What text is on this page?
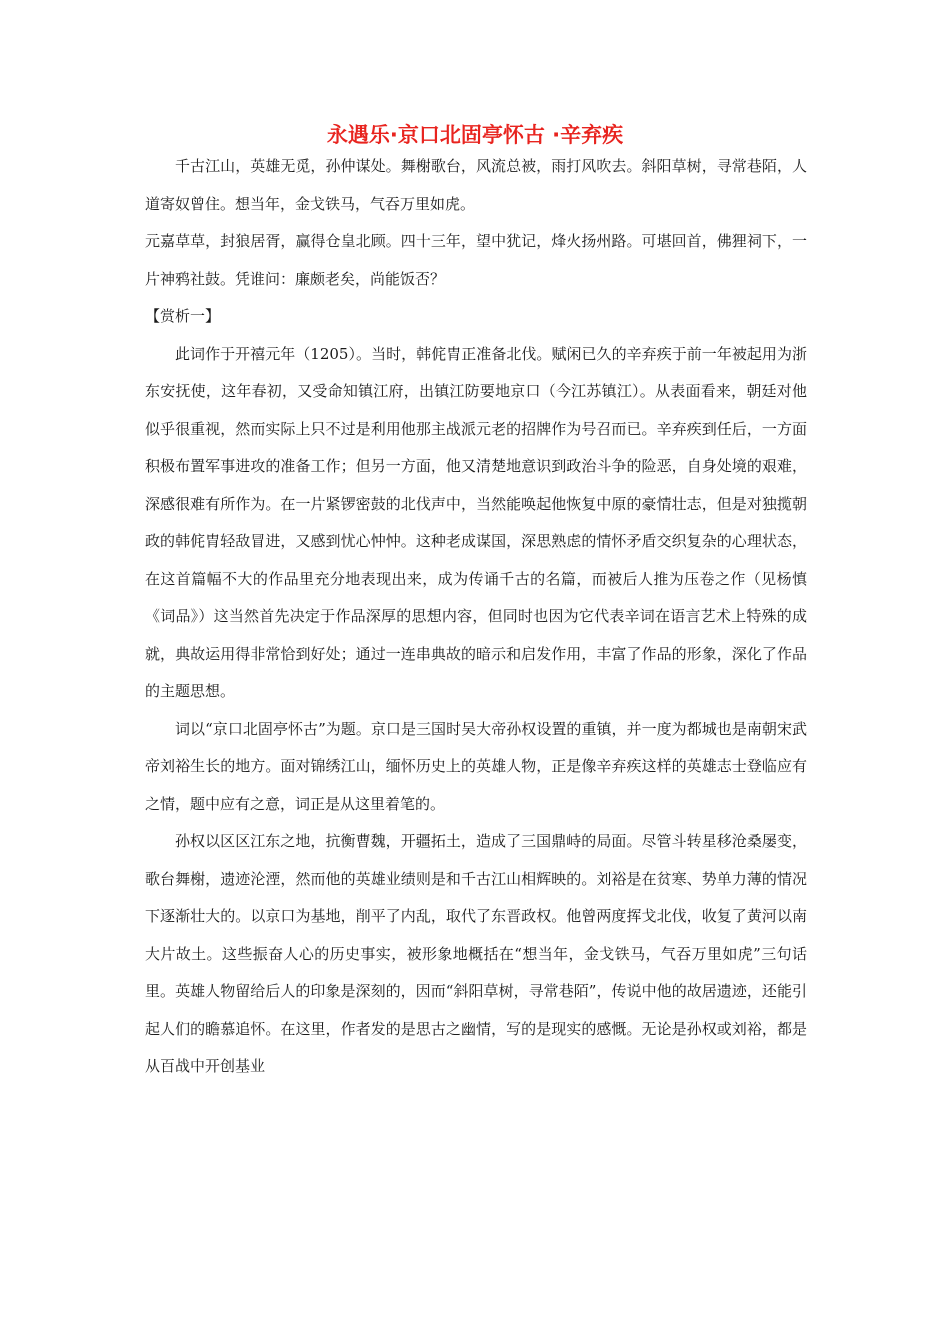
永遇乐·京口北固亭怀古 ·辛弃疾

千古江山，英雄无觅，孙仲谋处。舞榭歌台，风流总被，雨打风吹去。斜阳草树，寻常巷陌，人道寄奴曾住。想当年，金戈铁马，气吞万里如虎。

元嘉草草，封狼居胥，赢得仓皇北顾。四十三年，望中犹记，烽火扬州路。可堪回首，佛狸祠下，一片神鸦社鼓。凭谁问：廉颇老矣，尚能饭否？

【赏析一】

此词作于开禧元年（1205）。当时，韩侂胄正准备北伐。赋闲已久的辛弃疾于前一年被起用为浙东安抚使，这年春初，又受命知镇江府，出镇江防要地京口（今江苏镇江）。从表面看来，朝廷对他似乎很重视，然而实际上只不过是利用他那主战派元老的招牌作为号召而已。辛弃疾到任后，一方面积极布置军事进攻的准备工作；但另一方面，他又清楚地意识到政治斗争的险恶，自身处境的艰难，深感很难有所作为。在一片紧锣密鼓的北伐声中，当然能唤起他恢复中原的豪情壮志，但是对独揽朝政的韩侂胄轻敌冒进，又感到忧心忡忡。这种老成谋国，深思熟虑的情怀矛盾交织复杂的心理状态，在这首篇幅不大的作品里充分地表现出来，成为传诵千古的名篇，而被后人推为压卷之作（见杨慎《词品》）这当然首先决定于作品深厚的思想内容，但同时也因为它代表辛词在语言艺术上特殊的成就，典故运用得非常恰到好处；通过一连串典故的暗示和启发作用，丰富了作品的形象，深化了作品的主题思想。

词以“京口北固亭怀古”为题。京口是三国时吴大帝孙权设置的重镇，并一度为都城也是南朝宋武帝刘裕生长的地方。面对锦绣江山，缅怀历史上的英雄人物，正是像辛弃疾这样的英雄志士登临应有之情，题中应有之意，词正是从这里着笔的。

孙权以区区江东之地，抗衡曹魏，开疆拓土，造成了三国鼎峙的局面。尽管斗转星移沧桑屡变，歌台舞榭，遗迹沦湮，然而他的英雄业绩则是和千古江山相辉映的。刘裕是在贫寒、势单力薄的情况下逐渐壮大的。以京口为基地，削平了内乱，取代了东晋政权。他曾两度挥戈北伐，收复了黄河以南大片故土。这些振奋人心的历史事实，被形象地概括在“想当年，金戈铁马，气吞万里如虎”三句话里。英雄人物留给后人的印象是深刻的，因而“斜阳草树，寻常巷陌”，传说中他的故居遗迹，还能引起人们的瞻慕追怀。在这里，作者发的是思古之幽情，写的是现实的感慨。无论是孙权或刘裕，都是从百战中开创基业
